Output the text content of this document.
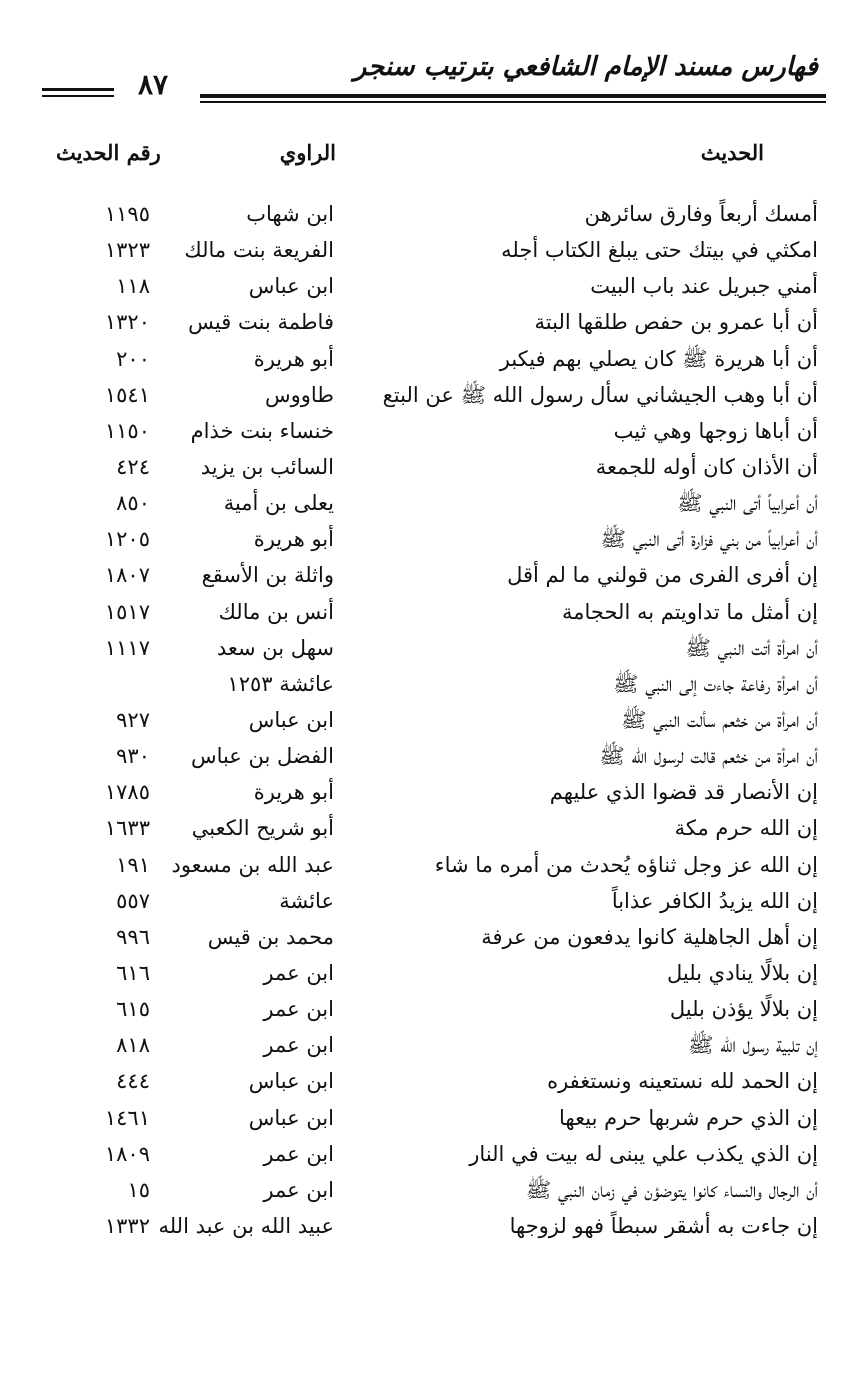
فهارس مسند الإمام الشافعي بترتيب سنجر
٨٧
الحديث
الراوي
رقم الحديث
أمسك أربعاً وفارق سائرهن
ابن شهاب
١١٩٥
امكثي في بيتك حتى يبلغ الكتاب أجله
الفريعة بنت مالك
١٣٢٣
أمني جبريل عند باب البيت
ابن عباس
١١٨
أن أبا عمرو بن حفص طلقها البتة
فاطمة بنت قيس
١٣٢٠
أن أبا هريرة ﷺ كان يصلي بهم فيكبر
أبو هريرة
٢٠٠
أن أبا وهب الجيشاني سأل رسول الله ﷺ عن البتع
طاووس
١٥٤١
أن أباها زوجها وهي ثيب
خنساء بنت خذام
١١٥٠
أن الأذان كان أوله للجمعة
السائب بن يزيد
٤٢٤
أن أعرابياً أتى النبي ﷺ
يعلى بن أمية
٨٥٠
أن أعرابياً من بني فزارة أتى النبي ﷺ
أبو هريرة
١٢٠٥
إن أفرى الفرى من قولني ما لم أقل
واثلة بن الأسقع
١٨٠٧
إن أمثل ما تداويتم به الحجامة
أنس بن مالك
١٥١٧
أن امرأة أتت النبي ﷺ
سهل بن سعد
١١١٧
أن امرأة رفاعة جاءت إلى النبي ﷺ
عائشة ١٢٥٣
أن امرأة من خثعم سألت النبي ﷺ
ابن عباس
٩٢٧
أن امرأة من خثعم قالت لرسول الله ﷺ
الفضل بن عباس
٩٣٠
إن الأنصار قد قضوا الذي عليهم
أبو هريرة
١٧٨٥
إن الله حرم مكة
أبو شريح الكعبي
١٦٣٣
إن الله عز وجل ثناؤه يُحدث من أمره ما شاء
عبد الله بن مسعود
١٩١
إن الله يزيدُ الكافر عذاباً
عائشة
٥٥٧
إن أهل الجاهلية كانوا يدفعون من عرفة
محمد بن قيس
٩٩٦
إن بلالًا ينادي بليل
ابن عمر
٦١٦
إن بلالًا يؤذن بليل
ابن عمر
٦١٥
إن تلبية رسول الله ﷺ
ابن عمر
٨١٨
إن الحمد لله نستعينه ونستغفره
ابن عباس
٤٤٤
إن الذي حرم شربها حرم بيعها
ابن عباس
١٤٦١
إن الذي يكذب علي يبنى له بيت في النار
ابن عمر
١٨٠٩
أن الرجال والنساء كانوا يتوضؤن في زمان النبي ﷺ
ابن عمر
١٥
إن جاءت به أشقر سبطاً فهو لزوجها
عبيد الله بن عبد الله
١٣٣٢
